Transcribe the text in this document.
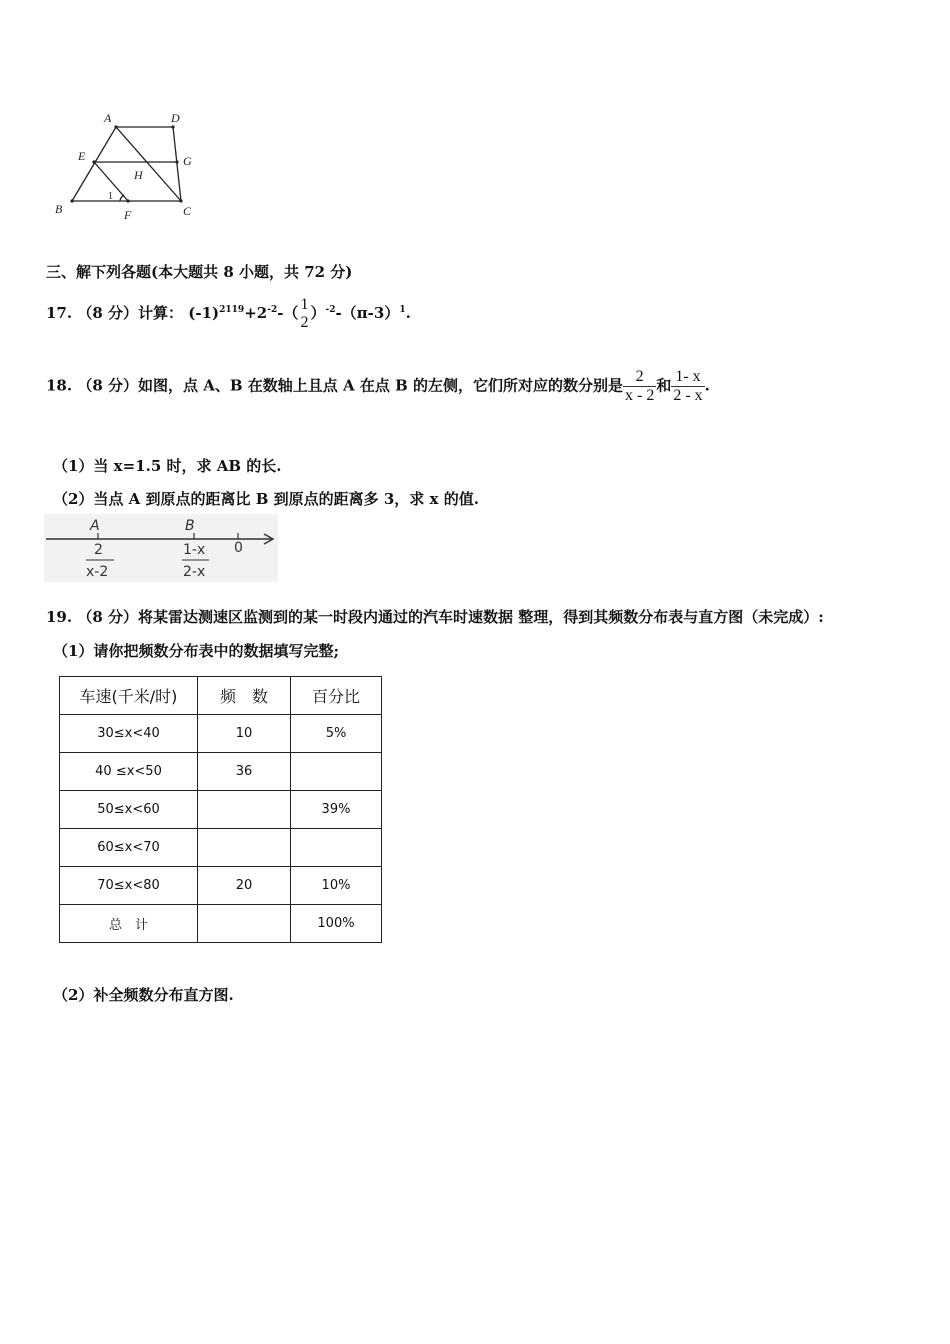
A	D
E	G
H
B	F	C
1
三、解下列各题(本大题共 8 小题，共 72 分)
17. （8 分）计算： $(-1)^{2119}+2^{-2}-$（ 1
2
）$^{-2}-(\pi-3)^1$.
18. （8 分）如图，点 A、B 在数轴上且点 A 在点 B 的左侧，它们所对应的数分别是 $\frac{2}{x - 2}$ 和 $\frac{1- x}{2 - x}$ .
（1）当 x=1.5 时，求 AB 的长.
（2）当点 A 到原点的距离比 B 到原点的距离多 3，求 x 的值.
A	B
0
2
x-2
1-x
2-x
19. （8 分）将某雷达测速区监测到的某一时段内通过的汽车时速数据 整理，得到其频数分布表与直方图（未完成）:
（1）请你把频数分布表中的数据填写完整;
车速(千米/时)	频　数	百分比
30≤x<40	10	5%
40 ≤x<50	36	
50≤x<60		39%
60≤x<70		
70≤x<80	20	10%
总　计		100%
（2）补全频数分布直方图.
